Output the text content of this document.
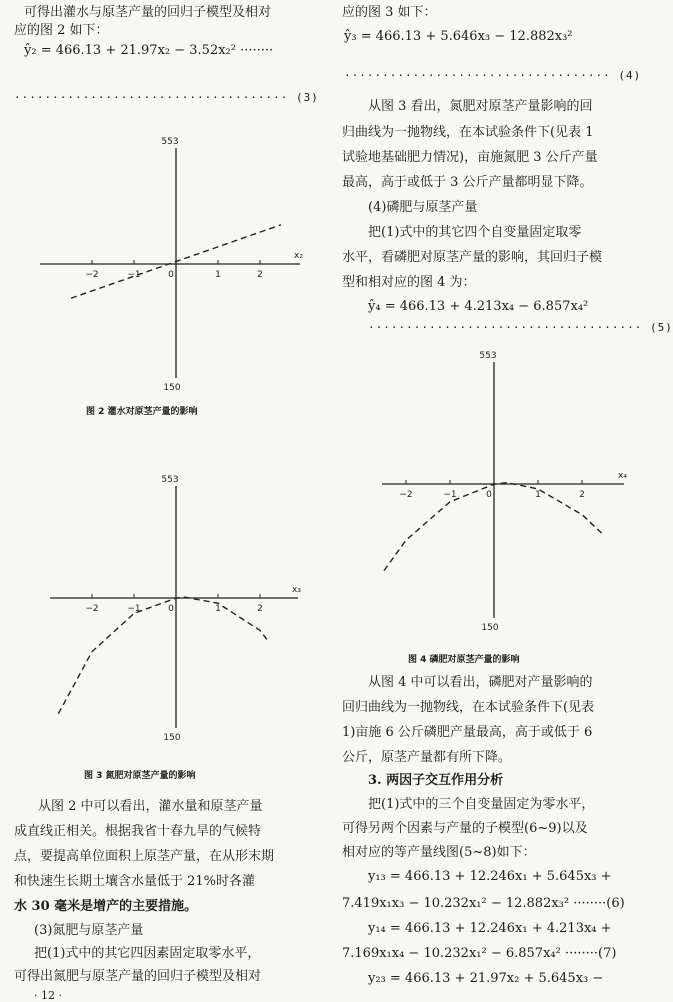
可得出灌水与原茎产量的回归子模型及相对
应的图 2 如下：
ŷ₂ = 466.13 + 21.97x₂ − 3.52x₂² ········
···································· (3)
553
150
x₂
−2	−1	0	1	2
图 2 灌水对原茎产量的影响
553
150
x₃
−2	−1	0	1	2
图 3 氮肥对原茎产量的影响
从图 2 中可以看出，灌水量和原茎产量
成直线正相关。根据我省十春九旱的气候特
点，要提高单位面积上原茎产量，在从形末期
和快速生长期土壤含水量低于 21%时各灌
水 30 毫米是增产的主要措施。
(3)氮肥与原茎产量
把(1)式中的其它四因素固定取零水平，
可得出氮肥与原茎产量的回归子模型及相对
· 12 ·
应的图 3 如下：
ŷ₃ = 466.13 + 5.646x₃ − 12.882x₃²
··································· (4)
从图 3 看出，氮肥对原茎产量影响的回
归曲线为一抛物线，在本试验条件下(见表 1
试验地基础肥力情况)，亩施氮肥 3 公斤产量
最高，高于或低于 3 公斤产量都明显下降。
(4)磷肥与原茎产量
把(1)式中的其它四个自变量固定取零
水平，看磷肥对原茎产量的影响，其回归子模
型和相对应的图 4 为：
ŷ₄ = 466.13 + 4.213x₄ − 6.857x₄²
···································· (5)
553
150
x₄
−2	−1	0	1	2
图 4 磷肥对原茎产量的影响
从图 4 中可以看出，磷肥对产量影响的
回归曲线为一抛物线，在本试验条件下(见表
1)亩施 6 公斤磷肥产量最高，高于或低于 6
公斤，原茎产量都有所下降。
3. 两因子交互作用分析
把(1)式中的三个自变量固定为零水平，
可得另两个因素与产量的子模型(6~9)以及
相对应的等产量线图(5~8)如下：
y₁₃ = 466.13 + 12.246x₁ + 5.645x₃ +
7.419x₁x₃ − 10.232x₁² − 12.882x₃² ········(6)
y₁₄ = 466.13 + 12.246x₁ + 4.213x₄ +
7.169x₁x₄ − 10.232x₁² − 6.857x₄² ········(7)
y₂₃ = 466.13 + 21.97x₂ + 5.645x₃ −
